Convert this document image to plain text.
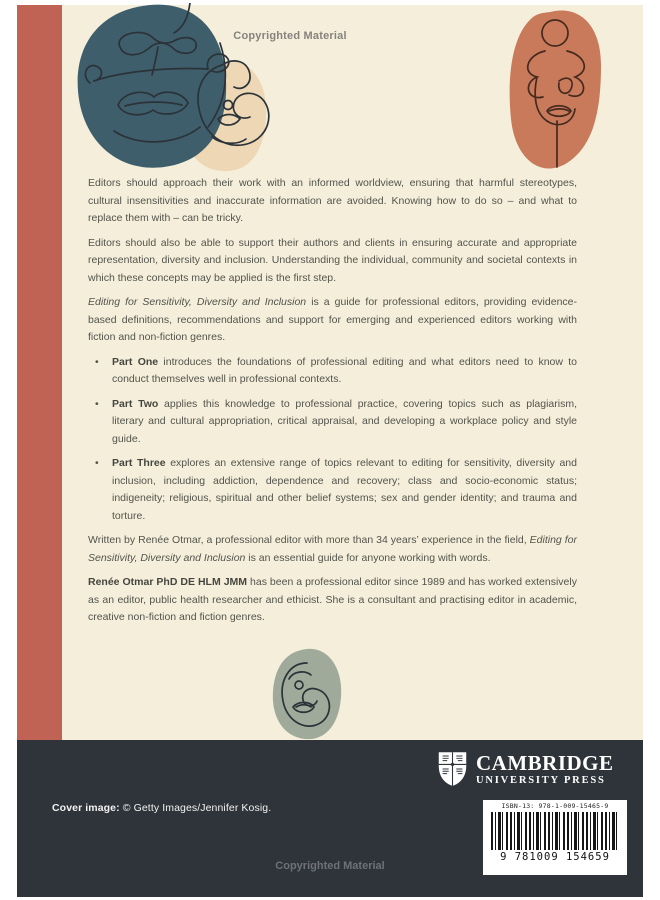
Copyrighted Material

Editors should approach their work with an informed worldview, ensuring that harmful stereotypes, cultural insensitivities and inaccurate information are avoided. Knowing how to do so – and what to replace them with – can be tricky.

Editors should also be able to support their authors and clients in ensuring accurate and appropriate representation, diversity and inclusion. Understanding the individual, community and societal contexts in which these concepts may be applied is the first step.

Editing for Sensitivity, Diversity and Inclusion is a guide for professional editors, providing evidence-based definitions, recommendations and support for emerging and experienced editors working with fiction and non-fiction genres.

• Part One introduces the foundations of professional editing and what editors need to know to conduct themselves well in professional contexts.
• Part Two applies this knowledge to professional practice, covering topics such as plagiarism, literary and cultural appropriation, critical appraisal, and developing a workplace policy and style guide.
• Part Three explores an extensive range of topics relevant to editing for sensitivity, diversity and inclusion, including addiction, dependence and recovery; class and socio-economic status; indigeneity; religious, spiritual and other belief systems; sex and gender identity; and trauma and torture.

Written by Renée Otmar, a professional editor with more than 34 years’ experience in the field, Editing for Sensitivity, Diversity and Inclusion is an essential guide for anyone working with words.

Renée Otmar PhD DE HLM JMM has been a professional editor since 1989 and has worked extensively as an editor, public health researcher and ethicist. She is a consultant and practising editor in academic, creative non-fiction and fiction genres.

CAMBRIDGE
UNIVERSITY PRESS
Cover image: © Getty Images/Jennifer Kosig.	ISBN-13: 978-1-009-15465-9
9 781009 154659
Copyrighted Material
